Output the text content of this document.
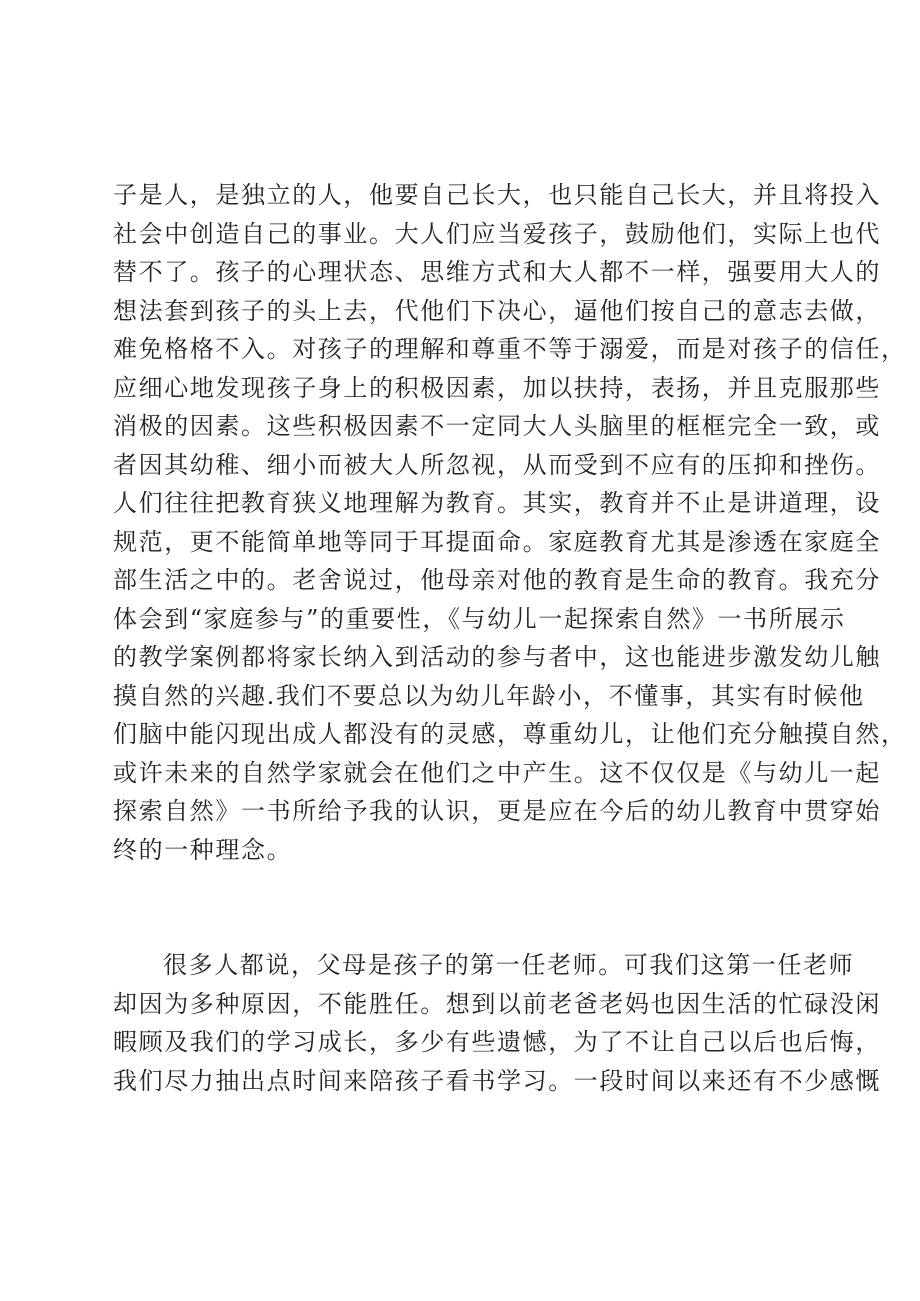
子是人，是独立的人，他要自己长大，也只能自己长大，并且将投入
社会中创造自己的事业。大人们应当爱孩子，鼓励他们，实际上也代
替不了。孩子的心理状态、思维方式和大人都不一样，强要用大人的
想法套到孩子的头上去，代他们下决心，逼他们按自己的意志去做，
难免格格不入。对孩子的理解和尊重不等于溺爱，而是对孩子的信任，
应细心地发现孩子身上的积极因素，加以扶持，表扬，并且克服那些
消极的因素。这些积极因素不一定同大人头脑里的框框完全一致，或
者因其幼稚、细小而被大人所忽视，从而受到不应有的压抑和挫伤。
人们往往把教育狭义地理解为教育。其实，教育并不止是讲道理，设
规范，更不能简单地等同于耳提面命。家庭教育尤其是渗透在家庭全
部生活之中的。老舍说过，他母亲对他的教育是生命的教育。我充分
体会到“家庭参与”的重要性，《与幼儿一起探索自然》一书所展示
的教学案例都将家长纳入到活动的参与者中，这也能进步激发幼儿触
摸自然的兴趣.我们不要总以为幼儿年龄小，不懂事，其实有时候他
们脑中能闪现出成人都没有的灵感，尊重幼儿，让他们充分触摸自然，
或许未来的自然学家就会在他们之中产生。这不仅仅是《与幼儿一起
探索自然》一书所给予我的认识，更是应在今后的幼儿教育中贯穿始
终的一种理念。
很多人都说，父母是孩子的第一任老师。可我们这第一任老师
却因为多种原因，不能胜任。想到以前老爸老妈也因生活的忙碌没闲
暇顾及我们的学习成长，多少有些遗憾，为了不让自己以后也后悔，
我们尽力抽出点时间来陪孩子看书学习。一段时间以来还有不少感慨
